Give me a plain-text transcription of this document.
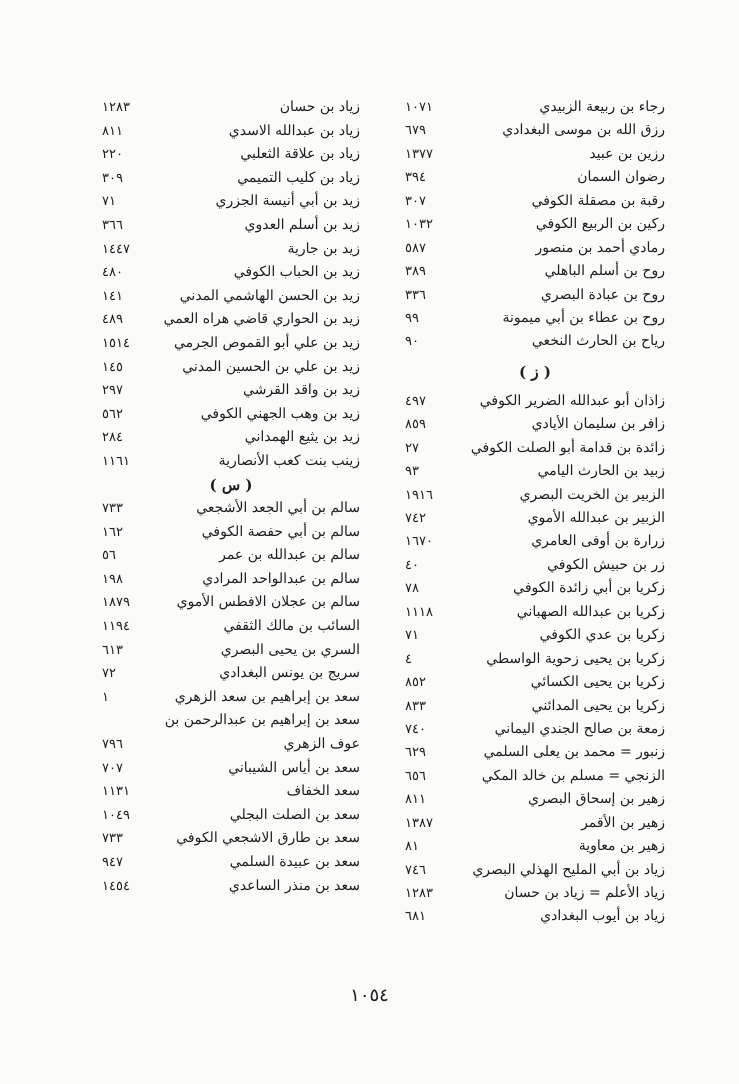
رجاء بن ربيعة الزبيدي
١٠٧١
رزق الله بن موسى البغدادي
٦٧٩
رزين بن عبيد
١٣٧٧
رضوان السمان
٣٩٤
رقبة بن مصقلة الكوفي
٣٠٧
ركين بن الربيع الكوفي
١٠٣٢
رمادي أحمد بن منصور
٥٨٧
روح بن أسلم الباهلي
٣٨٩
روح بن عبادة البصري
٣٣٦
روح بن عطاء بن أبي ميمونة
٩٩
رياح بن الحارث النخعي
٩٠
( ز )
زاذان أبو عبدالله الضرير الكوفي
٤٩٧
زافر بن سليمان الأيادي
٨٥٩
زائدة بن قدامة أبو الصلت الكوفي
٢٧
زبيد بن الحارث اليامي
٩٣
الزبير بن الخريت البصري
١٩١٦
الزبير بن عبدالله الأموي
٧٤٢
زرارة بن أوفى العامري
١٦٧٠
زر بن حبيش الكوفي
٤٠
زكريا بن أبي زائدة الكوفي
٧٨
زكريا بن عبدالله الصهباني
١١١٨
زكريا بن عدي الكوفي
٧١
زكريا بن يحيى زحوية الواسطي
٤
زكريا بن يحيى الكسائي
٨٥٢
زكريا بن يحيى المدائني
٨٣٣
زمعة بن صالح الجندي اليماني
٧٤٠
زنبور = محمد بن يعلى السلمي
٦٢٩
الزنجي = مسلم بن خالد المكي
٦٥٦
زهير بن إسحاق البصري
٨١١
زهير بن الأقمر
١٣٨٧
زهير بن معاوية
٨١
زياد بن أبي المليح الهذلي البصري
٧٤٦
زياد الأعلم = زياد بن حسان
١٢٨٣
زياد بن أيوب البغدادي
٦٨١
زياد بن حسان
١٢٨٣
زياد بن عبدالله الاسدي
٨١١
زياد بن علاقة الثعلبي
٢٢٠
زياد بن كليب التميمي
٣٠٩
زيد بن أبي أنيسة الجزري
٧١
زيد بن أسلم العدوي
٣٦٦
زيد بن جارية
١٤٤٧
زيد بن الحباب الكوفي
٤٨٠
زيد بن الحسن الهاشمي المدني
١٤١
زيد بن الحواري قاضي هراه العمي
٤٨٩
زيد بن علي أبو القموص الجرمي
١٥١٤
زيد بن علي بن الحسين المدني
١٤٥
زيد بن واقد القرشي
٢٩٧
زيد بن وهب الجهني الكوفي
٥٦٢
زيد بن يثيع الهمداني
٢٨٤
زينب بنت كعب الأنصارية
١١٦١
( س )
سالم بن أبي الجعد الأشجعي
٧٣٣
سالم بن أبي حفصة الكوفي
١٦٢
سالم بن عبدالله بن عمر
٥٦
سالم بن عبدالواحد المرادي
١٩٨
سالم بن عجلان الافطس الأموي
١٨٧٩
السائب بن مالك الثقفي
١١٩٤
السري بن يحيى البصري
٦١٣
سريج بن يونس البغدادي
٧٢
سعد بن إبراهيم بن سعد الزهري
١
سعد بن إبراهيم بن عبدالرحمن بن
عوف الزهري
٧٩٦
سعد بن أياس الشيباني
٧٠٧
سعد الخفاف
١١٣١
سعد بن الصلت البجلي
١٠٤٩
سعد بن طارق الاشجعي الكوفي
٧٣٣
سعد بن عبيدة السلمي
٩٤٧
سعد بن منذر الساعدي
١٤٥٤
١٠٥٤
